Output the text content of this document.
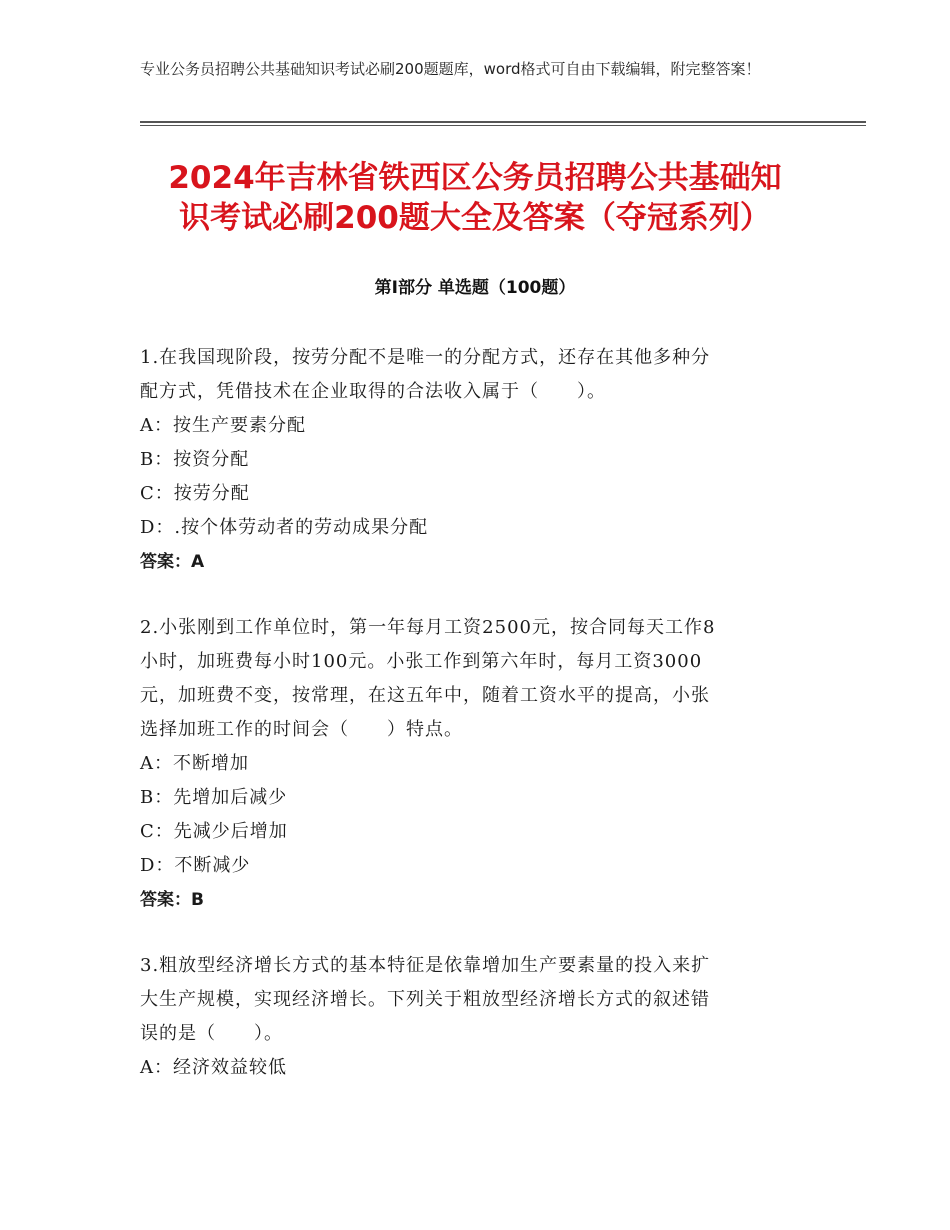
专业公务员招聘公共基础知识考试必刷200题题库，word格式可自由下载编辑，附完整答案！
2024年吉林省铁西区公务员招聘公共基础知
识考试必刷200题大全及答案（夺冠系列）
第Ⅰ部分 单选题（100题）
1.在我国现阶段，按劳分配不是唯一的分配方式，还存在其他多种分
配方式，凭借技术在企业取得的合法收入属于（　　）。
A：按生产要素分配
B：按资分配
C：按劳分配
D：.按个体劳动者的劳动成果分配
答案：A
2.小张刚到工作单位时，第一年每月工资2500元，按合同每天工作8
小时，加班费每小时100元。小张工作到第六年时，每月工资3000
元，加班费不变，按常理，在这五年中，随着工资水平的提高，小张
选择加班工作的时间会（　　）特点。
A：不断增加
B：先增加后减少
C：先减少后增加
D：不断减少
答案：B
3.粗放型经济增长方式的基本特征是依靠增加生产要素量的投入来扩
大生产规模，实现经济增长。下列关于粗放型经济增长方式的叙述错
误的是（　　）。
A：经济效益较低
